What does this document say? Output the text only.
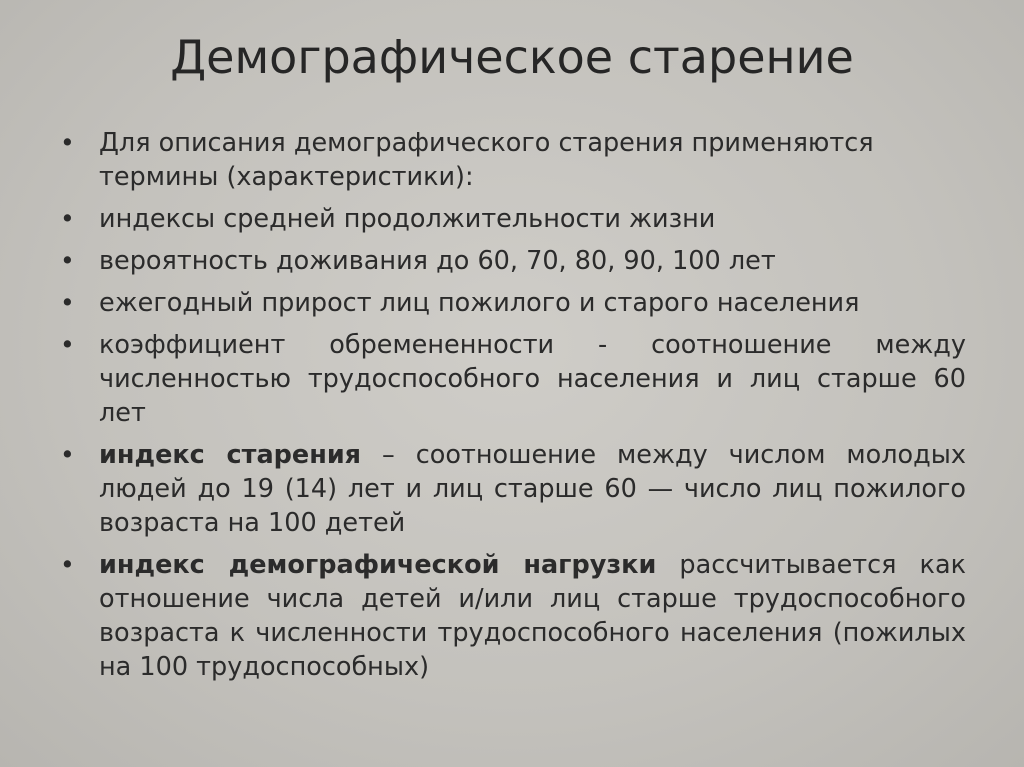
Демографическое старение
• Для описания демографического старения применяются термины (характеристики):
• индексы средней продолжительности жизни
• вероятность доживания до 60, 70, 80, 90, 100 лет
• ежегодный прирост лиц пожилого и старого населения
• коэффициент обремененности - соотношение между численностью трудоспособного населения и лиц старше 60 лет
• индекс старения – соотношение между числом молодых людей до 19 (14) лет и лиц старше 60 — число лиц пожилого возраста на 100 детей
• индекс демографической нагрузки рассчитывается как отношение числа детей и/или лиц старше трудоспособного возраста к численности трудоспособного населения (пожилых на 100 трудоспособных)
